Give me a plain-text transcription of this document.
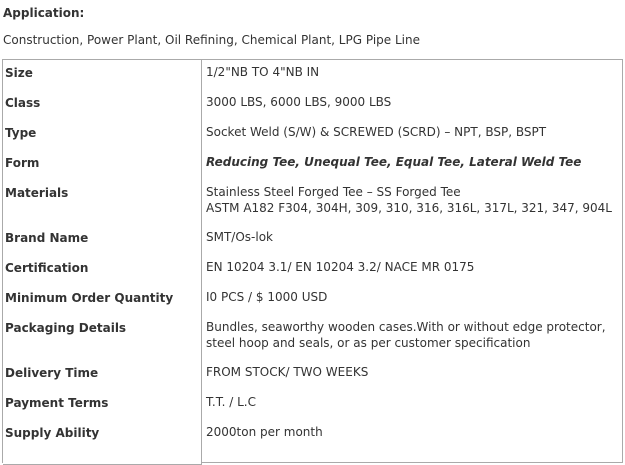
Application:
Construction, Power Plant, Oil Refining, Chemical Plant, LPG Pipe Line
Size	1/2"NB TO 4"NB IN
Class	3000 LBS, 6000 LBS, 9000 LBS
Type	Socket Weld (S/W) & SCREWED (SCRD) – NPT, BSP, BSPT
Form	Reducing Tee, Unequal Tee, Equal Tee, Lateral Weld Tee
Materials	Stainless Steel Forged Tee – SS Forged Tee
ASTM A182 F304, 304H, 309, 310, 316, 316L, 317L, 321, 347, 904L
Brand Name	SMT/Os-lok
Certification	EN 10204 3.1/ EN 10204 3.2/ NACE MR 0175
Minimum Order Quantity	I0 PCS / $ 1000 USD
Packaging Details	Bundles, seaworthy wooden cases.With or without edge protector, steel hoop and seals, or as per customer specification
Delivery Time	FROM STOCK/ TWO WEEKS
Payment Terms	T.T. / L.C
Supply Ability	2000ton per month
